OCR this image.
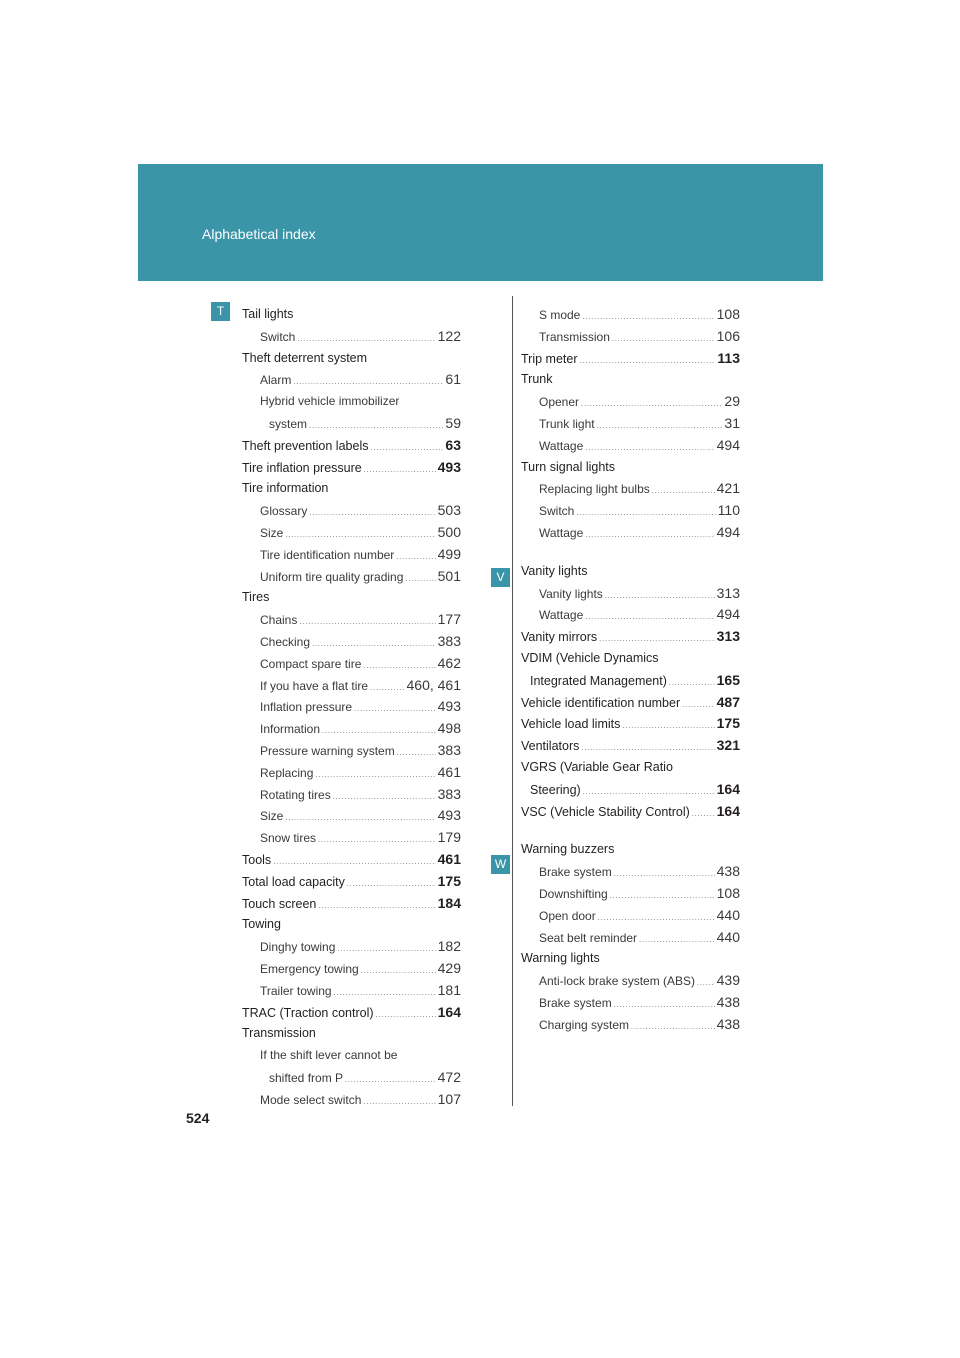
Alphabetical index
T
V
W
Tail lights
Switch .....	122
Theft deterrent system
Alarm .....	61
Hybrid vehicle immobilizer
system .....	59
Theft prevention labels .....	63
Tire inflation pressure .....	493
Tire information
Glossary .....	503
Size .....	500
Tire identification number .....	499
Uniform tire quality grading ..... 501
Tires
Chains .....	177
Checking .....	383
Compact spare tire .....	462
If you have a flat tire .....	460, 461
Inflation pressure .....	493
Information .....	498
Pressure warning system .....	383
Replacing .....	461
Rotating tires .....	383
Size .....	493
Snow tires .....	179
Tools .....	461
Total load capacity .....	175
Touch screen .....	184
Towing
Dinghy towing .....	182
Emergency towing .....	429
Trailer towing .....	181
TRAC (Traction control) .....	164
Transmission
If the shift lever cannot be
shifted from P .....	472
Mode select switch .....	107
S mode .....	108
Transmission .....	106
Trip meter .....	113
Trunk
Opener .....	29
Trunk light .....	31
Wattage .....	494
Turn signal lights
Replacing light bulbs .....	421
Switch .....	110
Wattage .....	494
Vanity lights
Vanity lights .....	313
Wattage .....	494
Vanity mirrors .....	313
VDIM (Vehicle Dynamics
Integrated Management) .....	165
Vehicle identification number .....	487
Vehicle load limits .....	175
Ventilators .....	321
VGRS (Variable Gear Ratio
Steering) .....	164
VSC (Vehicle Stability Control) ..... 164
Warning buzzers
Brake system .....	438
Downshifting .....	108
Open door .....	440
Seat belt reminder .....	440
Warning lights
Anti-lock brake system (ABS) ..... 439
Brake system .....	438
Charging system .....	438
524
